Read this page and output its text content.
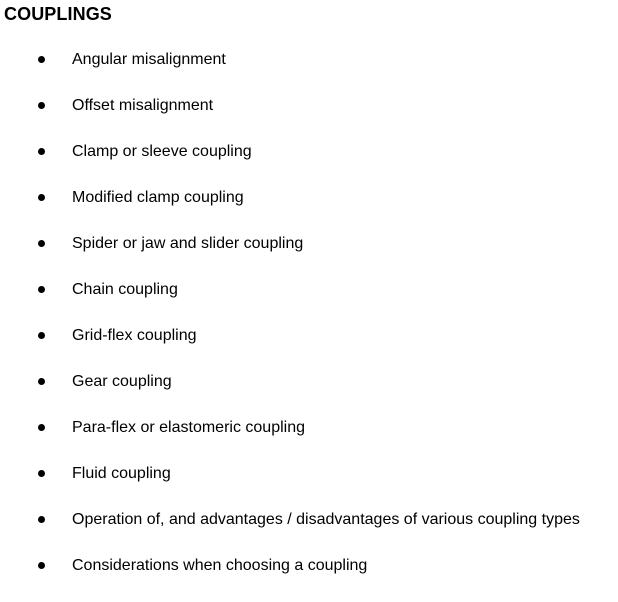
COUPLINGS
Angular misalignment
Offset misalignment
Clamp or sleeve coupling
Modified clamp coupling
Spider or jaw and slider coupling
Chain coupling
Grid-flex coupling
Gear coupling
Para-flex or elastomeric coupling
Fluid coupling
Operation of, and advantages / disadvantages of various coupling types
Considerations when choosing a coupling
